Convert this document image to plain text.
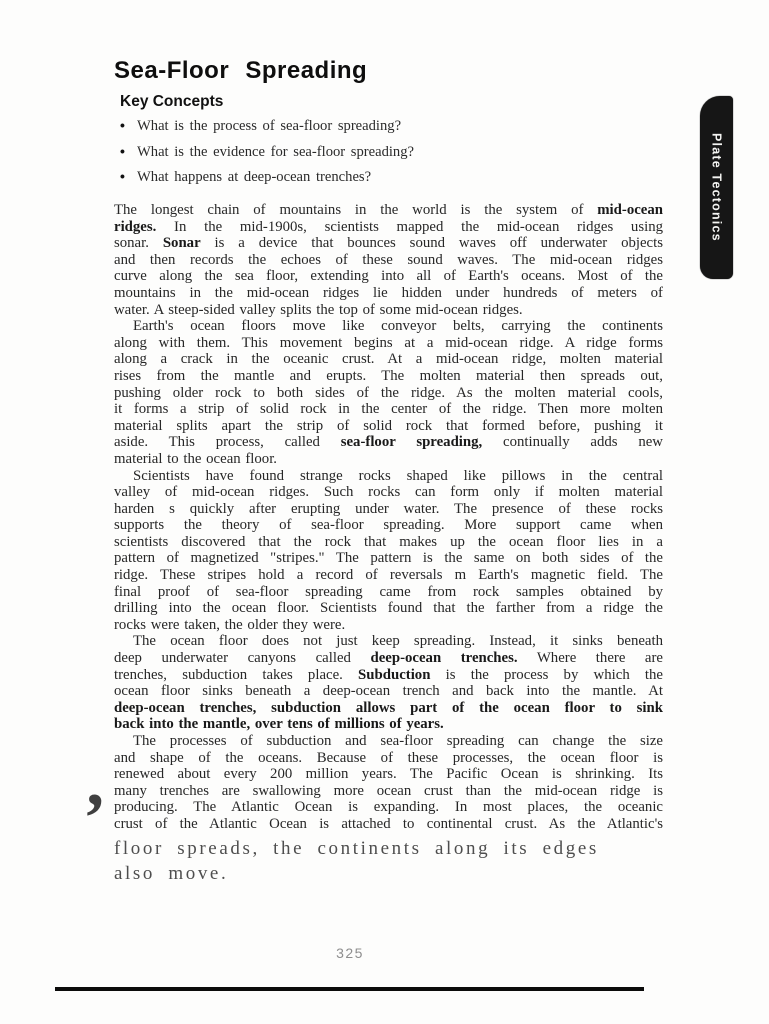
Sea-Floor Spreading
Key Concepts
• What is the process of sea-floor spreading?
• What is the evidence for sea-floor spreading?
• What happens at deep-ocean trenches?
The longest chain of mountains in the world is the system of mid-ocean
ridges. In the mid-1900s, scientists mapped the mid-ocean ridges using
sonar. Sonar is a device that bounces sound waves off underwater objects
and then records the echoes of these sound waves. The mid-ocean ridges
curve along the sea floor, extending into all of Earth's oceans. Most of the
mountains in the mid-ocean ridges lie hidden under hundreds of meters of
water. A steep-sided valley splits the top of some mid-ocean ridges.
Earth's ocean floors move like conveyor belts, carrying the continents
along with them. This movement begins at a mid-ocean ridge. A ridge forms
along a crack in the oceanic crust. At a mid-ocean ridge, molten material
rises from the mantle and erupts. The molten material then spreads out,
pushing older rock to both sides of the ridge. As the molten material cools,
it forms a strip of solid rock in the center of the ridge. Then more molten
material splits apart the strip of solid rock that formed before, pushing it
aside. This process, called sea-floor spreading, continually adds new
material to the ocean floor.
Scientists have found strange rocks shaped like pillows in the central
valley of mid-ocean ridges. Such rocks can form only if molten material
harden s quickly after erupting under water. The presence of these rocks
supports the theory of sea-floor spreading. More support came when
scientists discovered that the rock that makes up the ocean floor lies in a
pattern of magnetized "stripes." The pattern is the same on both sides of the
ridge. These stripes hold a record of reversals m Earth's magnetic field. The
final proof of sea-floor spreading came from rock samples obtained by
drilling into the ocean floor. Scientists found that the farther from a ridge the
rocks were taken, the older they were.
The ocean floor does not just keep spreading. Instead, it sinks beneath
deep underwater canyons called deep-ocean trenches. Where there are
trenches, subduction takes place. Subduction is the process by which the
ocean floor sinks beneath a deep-ocean trench and back into the mantle. At
deep-ocean trenches, subduction allows part of the ocean floor to sink
back into the mantle, over tens of millions of years.
The processes of subduction and sea-floor spreading can change the size
and shape of the oceans. Because of these processes, the ocean floor is
renewed about every 200 million years. The Pacific Ocean is shrinking. Its
many trenches are swallowing more ocean crust than the mid-ocean ridge is
producing. The Atlantic Ocean is expanding. In most places, the oceanic
crust of the Atlantic Ocean is attached to continental crust. As the Atlantic's
floor spreads, the continents along its edges
also move.
’
Plate Tectonics
325
